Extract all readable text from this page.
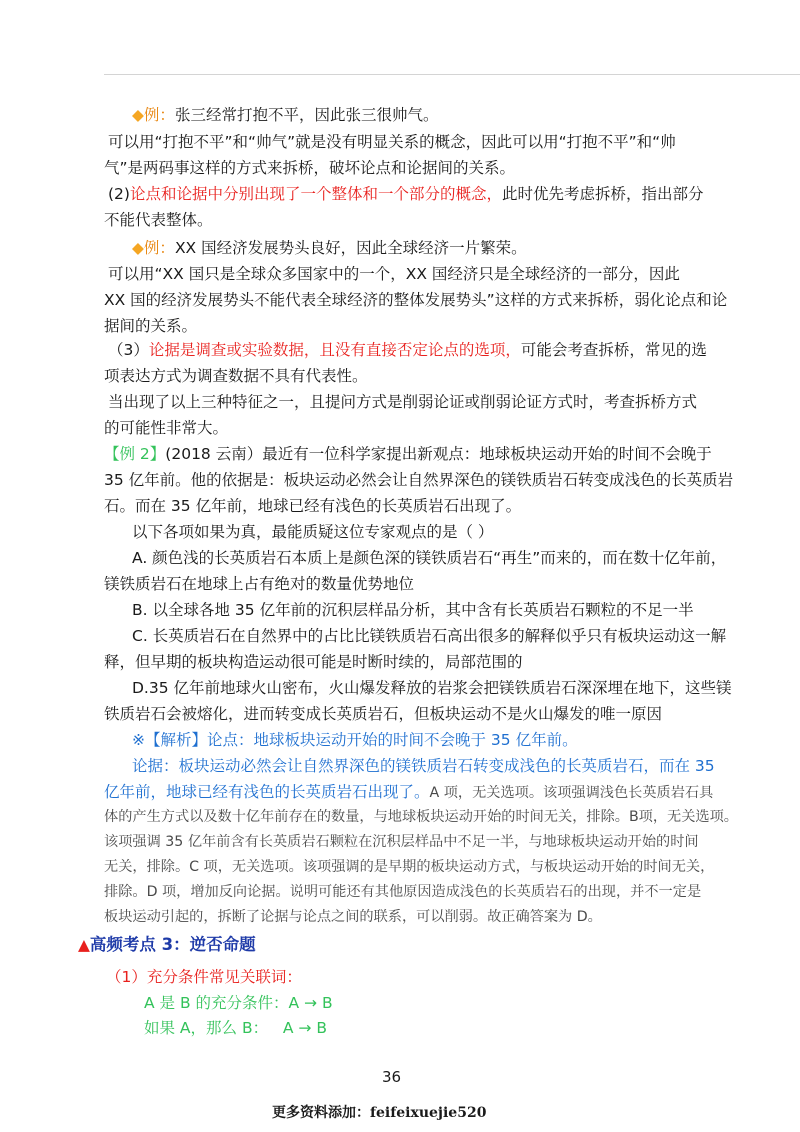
◆例：张三经常打抱不平，因此张三很帅气。
可以用“打抱不平”和“帅气”就是没有明显关系的概念，因此可以用“打抱不平”和“帅
气”是两码事这样的方式来拆桥，破坏论点和论据间的关系。
(2)论点和论据中分别出现了一个整体和一个部分的概念，此时优先考虑拆桥，指出部分
不能代表整体。
◆例：XX 国经济发展势头良好，因此全球经济一片繁荣。
可以用“XX 国只是全球众多国家中的一个，XX 国经济只是全球经济的一部分，因此
XX 国的经济发展势头不能代表全球经济的整体发展势头”这样的方式来拆桥，弱化论点和论
据间的关系。
（3）论据是调查或实验数据，且没有直接否定论点的选项，可能会考查拆桥，常见的选
项表达方式为调查数据不具有代表性。
当出现了以上三种特征之一，且提问方式是削弱论证或削弱论证方式时，考查拆桥方式
的可能性非常大。
【例 2】(2018 云南）最近有一位科学家提出新观点：地球板块运动开始的时间不会晚于
35 亿年前。他的依据是：板块运动必然会让自然界深色的镁铁质岩石转变成浅色的长英质岩
石。而在 35 亿年前，地球已经有浅色的长英质岩石出现了。
以下各项如果为真，最能质疑这位专家观点的是（ ）
A. 颜色浅的长英质岩石本质上是颜色深的镁铁质岩石“再生”而来的，而在数十亿年前，
镁铁质岩石在地球上占有绝对的数量优势地位
B. 以全球各地 35 亿年前的沉积层样品分析，其中含有长英质岩石颗粒的不足一半
C. 长英质岩石在自然界中的占比比镁铁质岩石高出很多的解释似乎只有板块运动这一解
释，但早期的板块构造运动很可能是时断时续的，局部范围的
D.35 亿年前地球火山密布，火山爆发释放的岩浆会把镁铁质岩石深深埋在地下，这些镁
铁质岩石会被熔化，进而转变成长英质岩石，但板块运动不是火山爆发的唯一原因
※【解析】论点：地球板块运动开始的时间不会晚于 35 亿年前。
论据：板块运动必然会让自然界深色的镁铁质岩石转变成浅色的长英质岩石，而在 35
亿年前，地球已经有浅色的长英质岩石出现了。A 项，无关选项。该项强调浅色长英质岩石具
体的产生方式以及数十亿年前存在的数量，与地球板块运动开始的时间无关，排除。B项，无关选项。
该项强调 35 亿年前含有长英质岩石颗粒在沉积层样品中不足一半，与地球板块运动开始的时间
无关，排除。C 项，无关选项。该项强调的是早期的板块运动方式，与板块运动开始的时间无关，
排除。D 项，增加反向论据。说明可能还有其他原因造成浅色的长英质岩石的出现，并不一定是
板块运动引起的，拆断了论据与论点之间的联系，可以削弱。故正确答案为 D。
▲高频考点 3：逆否命题
（1）充分条件常见关联词：
A 是 B 的充分条件：A → B
如果 A，那么 B：   A → B
36
更多资料添加：feifeixuejie520
